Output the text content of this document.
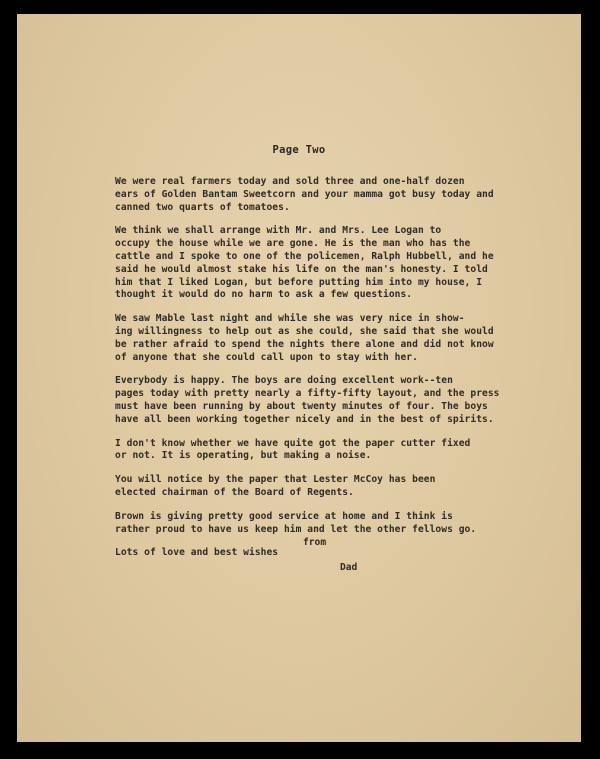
Page Two

We were real farmers today and sold three and one-half dozen
ears of Golden Bantam Sweetcorn and your mamma got busy today and
canned two quarts of tomatoes.

We think we shall arrange with Mr. and Mrs. Lee Logan to
occupy the house while we are gone. He is the man who has the
cattle and I spoke to one of the policemen, Ralph Hubbell, and he
said he would almost stake his life on the man's honesty. I told
him that I liked Logan, but before putting him into my house, I
thought it would do no harm to ask a few questions.

We saw Mable last night and while she was very nice in show-
ing willingness to help out as she could, she said that she would
be rather afraid to spend the nights there alone and did not know
of anyone that she could call upon to stay with her.

Everybody is happy. The boys are doing excellent work--ten
pages today with pretty nearly a fifty-fifty layout, and the press
must have been running by about twenty minutes of four. The boys
have all been working together nicely and in the best of spirits.

I don't know whether we have quite got the paper cutter fixed
or not. It is operating, but making a noise.

You will notice by the paper that Lester McCoy has been
elected chairman of the Board of Regents.

Brown is giving pretty good service at home and I think is
rather proud to have us keep him and let the other fellows go.

Lots of love and best wishes

from
Dad
